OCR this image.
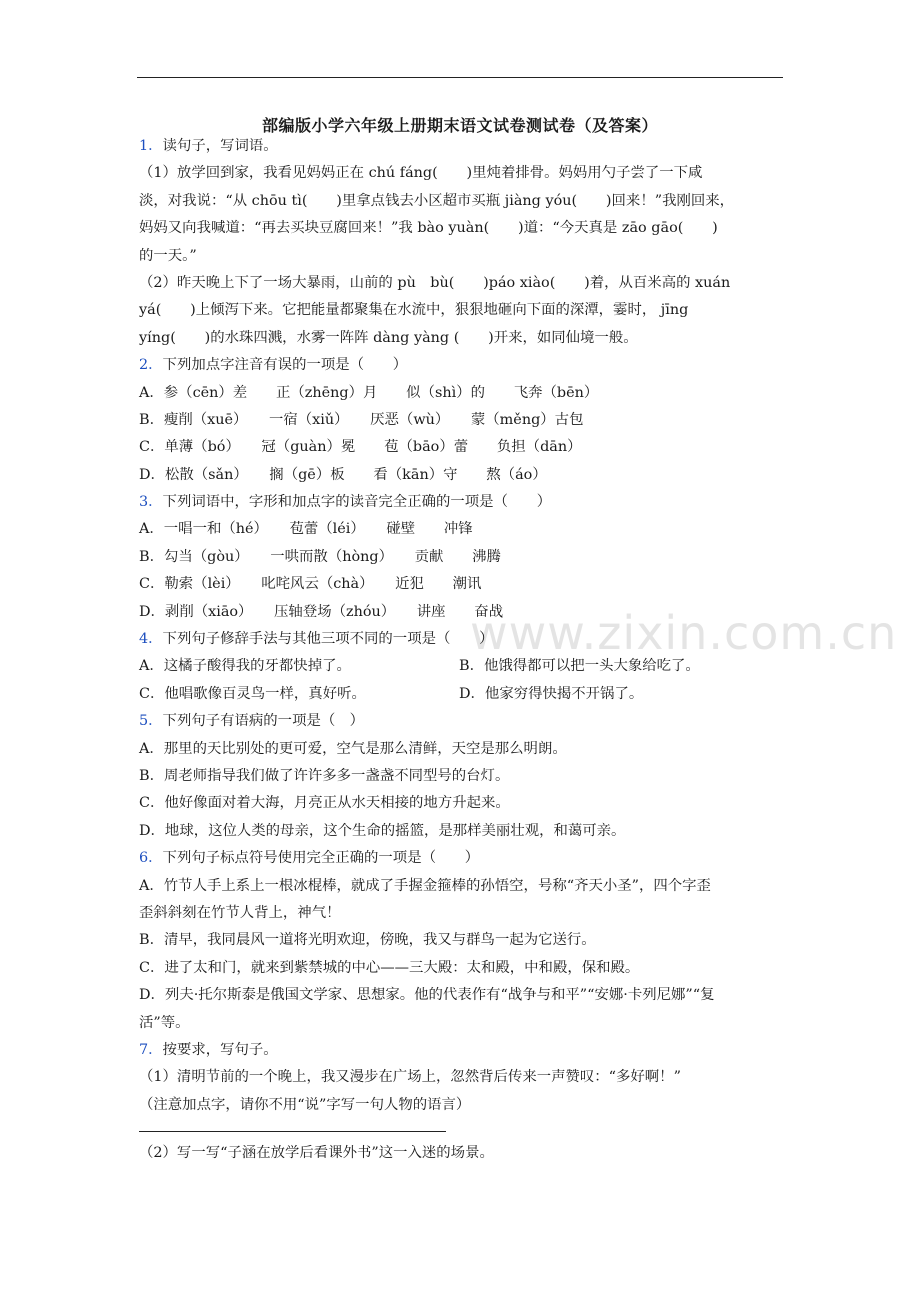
部编版小学六年级上册期末语文试卷测试卷（及答案）
www.zixin.com.cn
1．读句子，写词语。
（1）放学回到家，我看见妈妈正在 chú fáng(　　)里炖着排骨。妈妈用勺子尝了一下咸
淡，对我说：“从 chōu tì(　　)里拿点钱去小区超市买瓶 jiàng yóu(　　)回来！”我刚回来，
妈妈又向我喊道：“再去买块豆腐回来！”我 bào yuàn(　　)道：“今天真是 zāo gāo(　　)
的一天。”
（2）昨天晚上下了一场大暴雨，山前的 pù　bù(　　)páo xiào(　　)着，从百米高的 xuán
yá(　　)上倾泻下来。它把能量都聚集在水流中，狠狠地砸向下面的深潭，霎时， jīng
yíng(　　)的水珠四溅，水雾一阵阵 dàng yàng (　　)开来，如同仙境一般。
2．下列加点字注音有误的一项是（　　）
A．参（cēn）差　　正（zhēng）月　　似（shì）的　　飞奔（bēn）
B．瘦削（xuē）　　一宿（xiǔ）　　厌恶（wù）　　蒙（měng）古包
C．单薄（bó）　　冠（guàn）冕　　苞（bāo）蕾　　负担（dān）
D．松散（sǎn）　　搁（gē）板　　看（kān）守　　熬（áo）
3．下列词语中，字形和加点字的读音完全正确的一项是（　　）
A．一唱一和（hé）　　苞蕾（léi）　　碰壁　　冲锋
B．勾当（gòu）　　一哄而散（hòng）　　贡献　　沸腾
C．勒索（lèi）　　叱咤风云（chà）　　近犯　　潮讯
D．剥削（xiāo）　　压轴登场（zhóu）　　讲座　　奋战
4．下列句子修辞手法与其他三项不同的一项是（　　）
A．这橘子酸得我的牙都快掉了。	B．他饿得都可以把一头大象给吃了。
C．他唱歌像百灵鸟一样，真好听。	D．他家穷得快揭不开锅了。
5．下列句子有语病的一项是（　）
A．那里的天比别处的更可爱，空气是那么清鲜，天空是那么明朗。
B．周老师指导我们做了许许多多一盏盏不同型号的台灯。
C．他好像面对着大海，月亮正从水天相接的地方升起来。
D．地球，这位人类的母亲，这个生命的摇篮，是那样美丽壮观，和蔼可亲。
6．下列句子标点符号使用完全正确的一项是（　　）
A．竹节人手上系上一根冰棍棒，就成了手握金箍棒的孙悟空，号称“齐天小圣”，四个字歪
歪斜斜刻在竹节人背上，神气！
B．清早，我同晨风一道将光明欢迎，傍晚，我又与群鸟一起为它送行。
C．进了太和门，就来到紫禁城的中心——三大殿：太和殿，中和殿，保和殿。
D．列夫·托尔斯泰是俄国文学家、思想家。他的代表作有“战争与和平”“安娜·卡列尼娜”“复
活”等。
7．按要求，写句子。
（1）清明节前的一个晚上，我又漫步在广场上，忽然背后传来一声赞叹：“多好啊！”
（注意加点字，请你不用“说”字写一句人物的语言）
（2）写一写“子涵在放学后看课外书”这一入迷的场景。
